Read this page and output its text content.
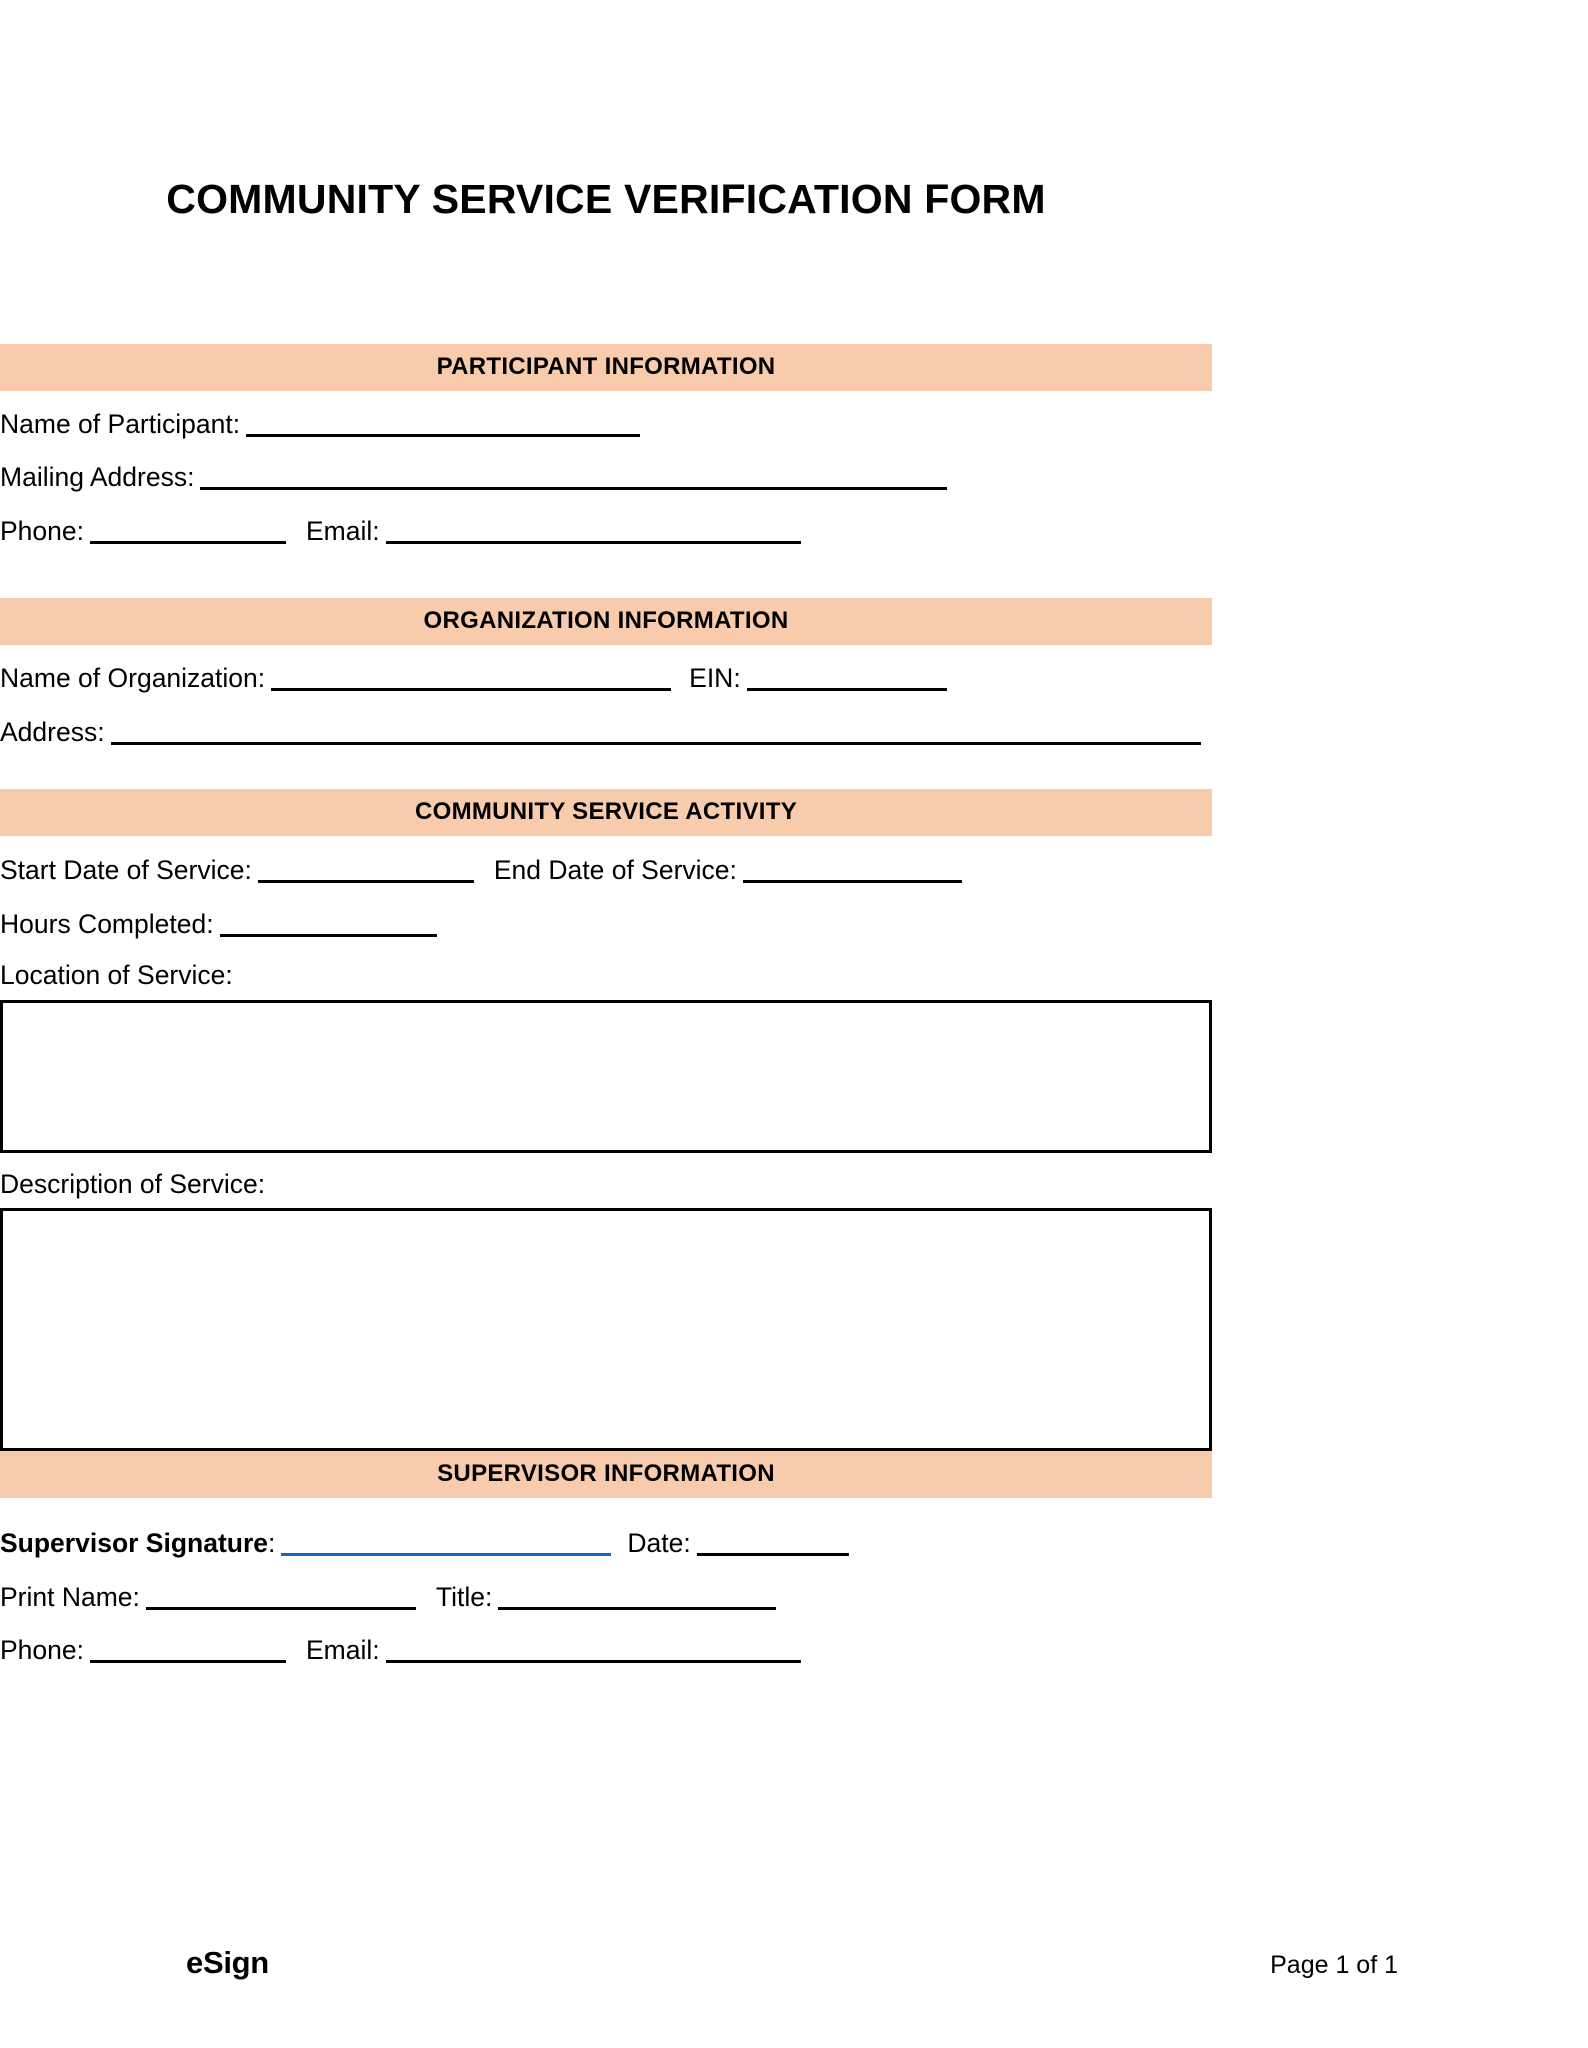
COMMUNITY SERVICE VERIFICATION FORM
PARTICIPANT INFORMATION
Name of Participant:
Mailing Address:
Phone:	Email:
ORGANIZATION INFORMATION
Name of Organization:	EIN:
Address:
COMMUNITY SERVICE ACTIVITY
Start Date of Service:	End Date of Service:
Hours Completed:
Location of Service:
Description of Service:
SUPERVISOR INFORMATION
Supervisor Signature:	Date:
Print Name:	Title:
Phone:	Email:
eSign	Page 1 of 1
